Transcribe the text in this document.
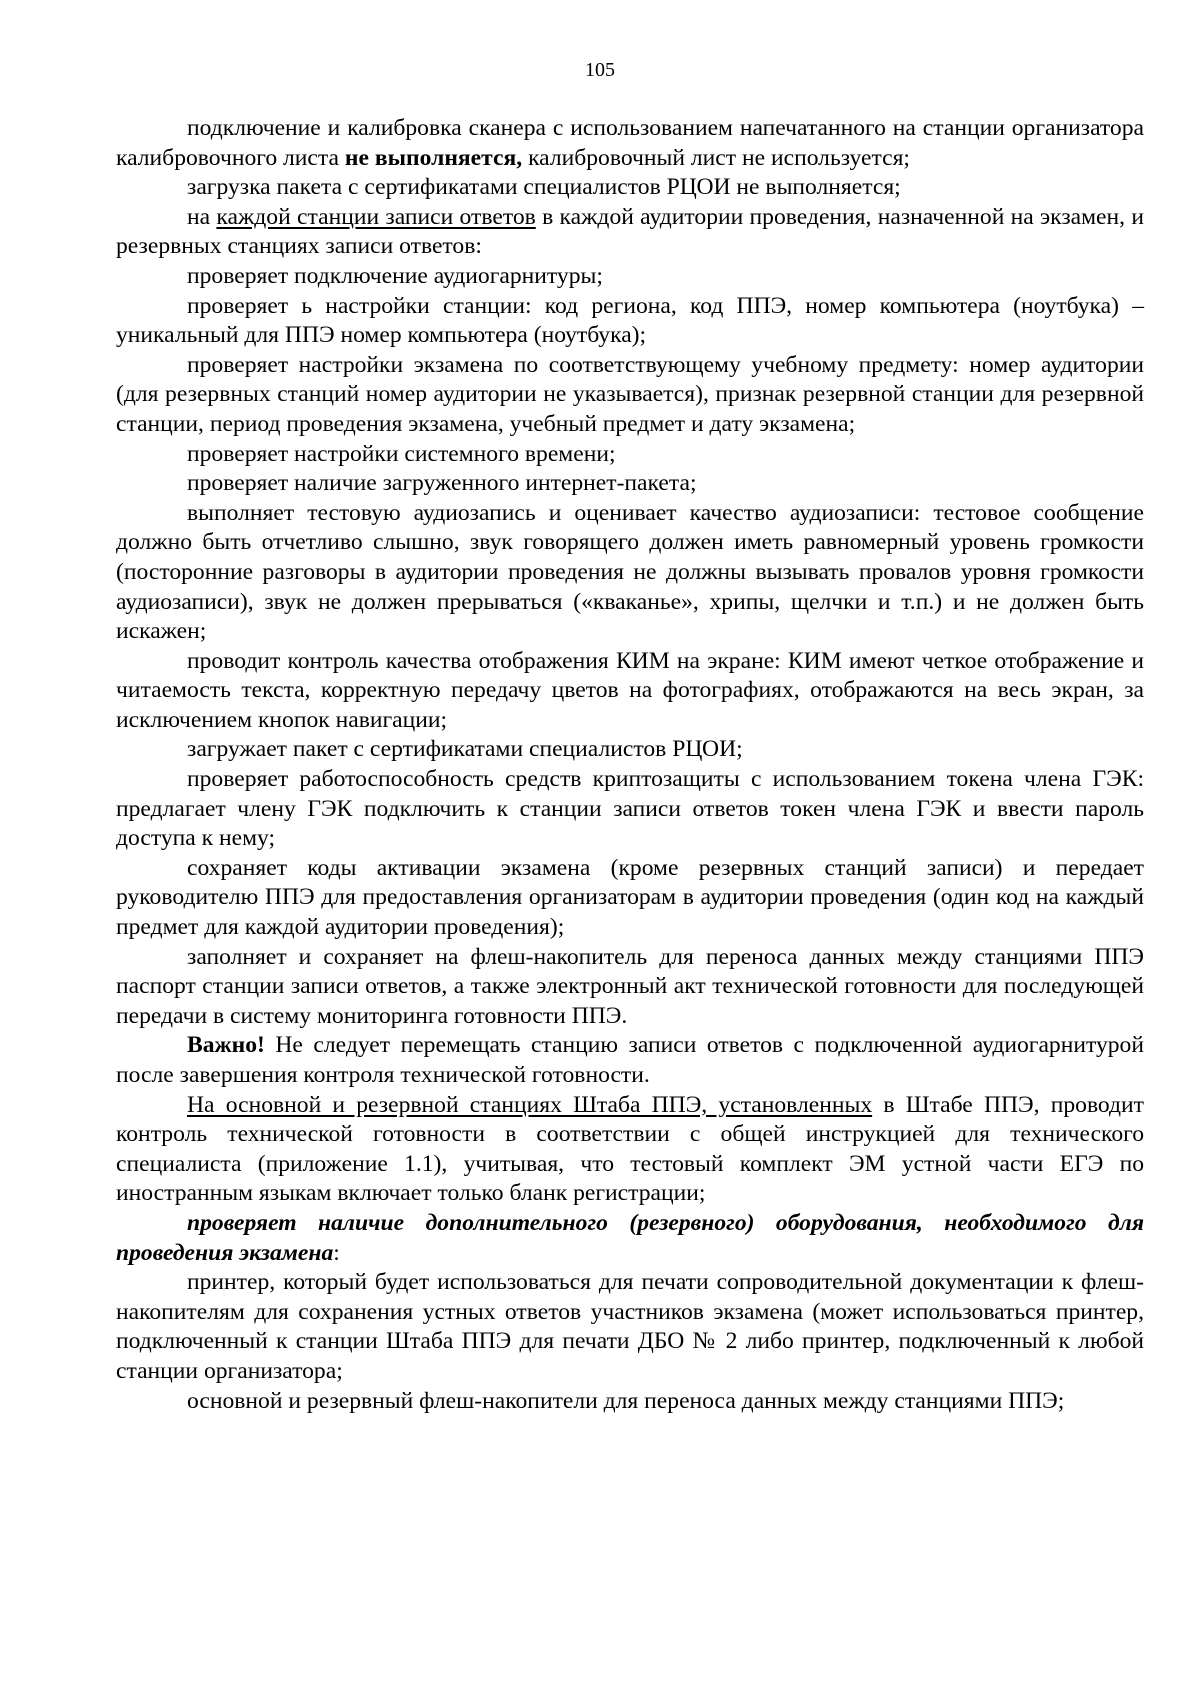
105

подключение и калибровка сканера с использованием напечатанного на станции организатора калибровочного листа не выполняется, калибровочный лист не используется;

загрузка пакета с сертификатами специалистов РЦОИ не выполняется;

на каждой станции записи ответов в каждой аудитории проведения, назначенной на экзамен, и резервных станциях записи ответов:

проверяет подключение аудиогарнитуры;

проверяет ь настройки станции: код региона, код ППЭ, номер компьютера (ноутбука) – уникальный для ППЭ номер компьютера (ноутбука);

проверяет настройки экзамена по соответствующему учебному предмету: номер аудитории (для резервных станций номер аудитории не указывается), признак резервной станции для резервной станции, период проведения экзамена, учебный предмет и дату экзамена;

проверяет настройки системного времени;

проверяет наличие загруженного интернет-пакета;

выполняет тестовую аудиозапись и оценивает качество аудиозаписи: тестовое сообщение должно быть отчетливо слышно, звук говорящего должен иметь равномерный уровень громкости (посторонние разговоры в аудитории проведения не должны вызывать провалов уровня громкости аудиозаписи), звук не должен прерываться («кваканье», хрипы, щелчки и т.п.) и не должен быть искажен;

проводит контроль качества отображения КИМ на экране: КИМ имеют четкое отображение и читаемость текста, корректную передачу цветов на фотографиях, отображаются на весь экран, за исключением кнопок навигации;

загружает пакет с сертификатами специалистов РЦОИ;

проверяет работоспособность средств криптозащиты с использованием токена члена ГЭК: предлагает члену ГЭК подключить к станции записи ответов токен члена ГЭК и ввести пароль доступа к нему;

сохраняет коды активации экзамена (кроме резервных станций записи) и передает руководителю ППЭ для предоставления организаторам в аудитории проведения (один код на каждый предмет для каждой аудитории проведения);

заполняет и сохраняет на флеш-накопитель для переноса данных между станциями ППЭ паспорт станции записи ответов, а также электронный акт технической готовности для последующей передачи в систему мониторинга готовности ППЭ.

Важно! Не следует перемещать станцию записи ответов с подключенной аудиогарнитурой после завершения контроля технической готовности.

На основной и резервной станциях Штаба ППЭ, установленных в Штабе ППЭ, проводит контроль технической готовности в соответствии с общей инструкцией для технического специалиста (приложение 1.1), учитывая, что тестовый комплект ЭМ устной части ЕГЭ по иностранным языкам включает только бланк регистрации;

проверяет наличие дополнительного (резервного) оборудования, необходимого для проведения экзамена:

принтер, который будет использоваться для печати сопроводительной документации к флеш-накопителям для сохранения устных ответов участников экзамена (может использоваться принтер, подключенный к станции Штаба ППЭ для печати ДБО № 2 либо принтер, подключенный к любой станции организатора;

основной и резервный флеш-накопители для переноса данных между станциями ППЭ;
